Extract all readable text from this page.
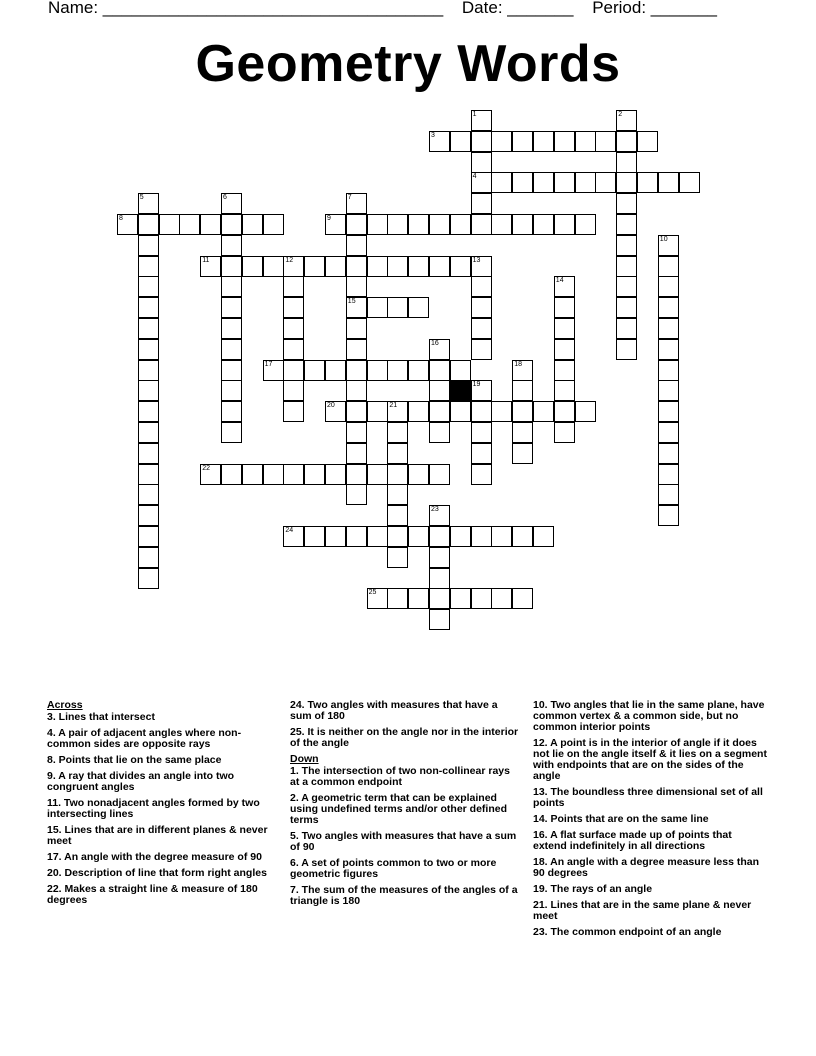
Name: ____________________________________ Date: _______ Period: _______
Geometry Words
1
4
2
3
5	6	7
15
8	9
10
11	12	13
14
16
17	18
19
20	21
22
23
24
25
Across
3. Lines that intersect
4. A pair of adjacent angles where non-common sides are opposite rays
8. Points that lie on the same place
9. A ray that divides an angle into two congruent angles
11. Two nonadjacent angles formed by two intersecting lines
15. Lines that are in different planes & never meet
17. An angle with the degree measure of 90
20. Description of line that form right angles
22. Makes a straight line & measure of 180 degrees
24. Two angles with measures that have a sum of 180
25. It is neither on the angle nor in the interior of the angle
Down
1. The intersection of two non-collinear rays at a common endpoint
2. A geometric term that can be explained using undefined terms and/or other defined terms
5. Two angles with measures that have a sum of 90
6. A set of points common to two or more geometric figures
7. The sum of the measures of the angles of a triangle is 180
10. Two angles that lie in the same plane, have common vertex & a common side, but no common interior points
12. A point is in the interior of angle if it does not lie on the angle itself & it lies on a segment with endpoints that are on the sides of the angle
13. The boundless three dimensional set of all points
14. Points that are on the same line
16. A flat surface made up of points that extend indefinitely in all directions
18. An angle with a degree measure less than 90 degrees
19. The rays of an angle
21. Lines that are in the same plane & never meet
23. The common endpoint of an angle
